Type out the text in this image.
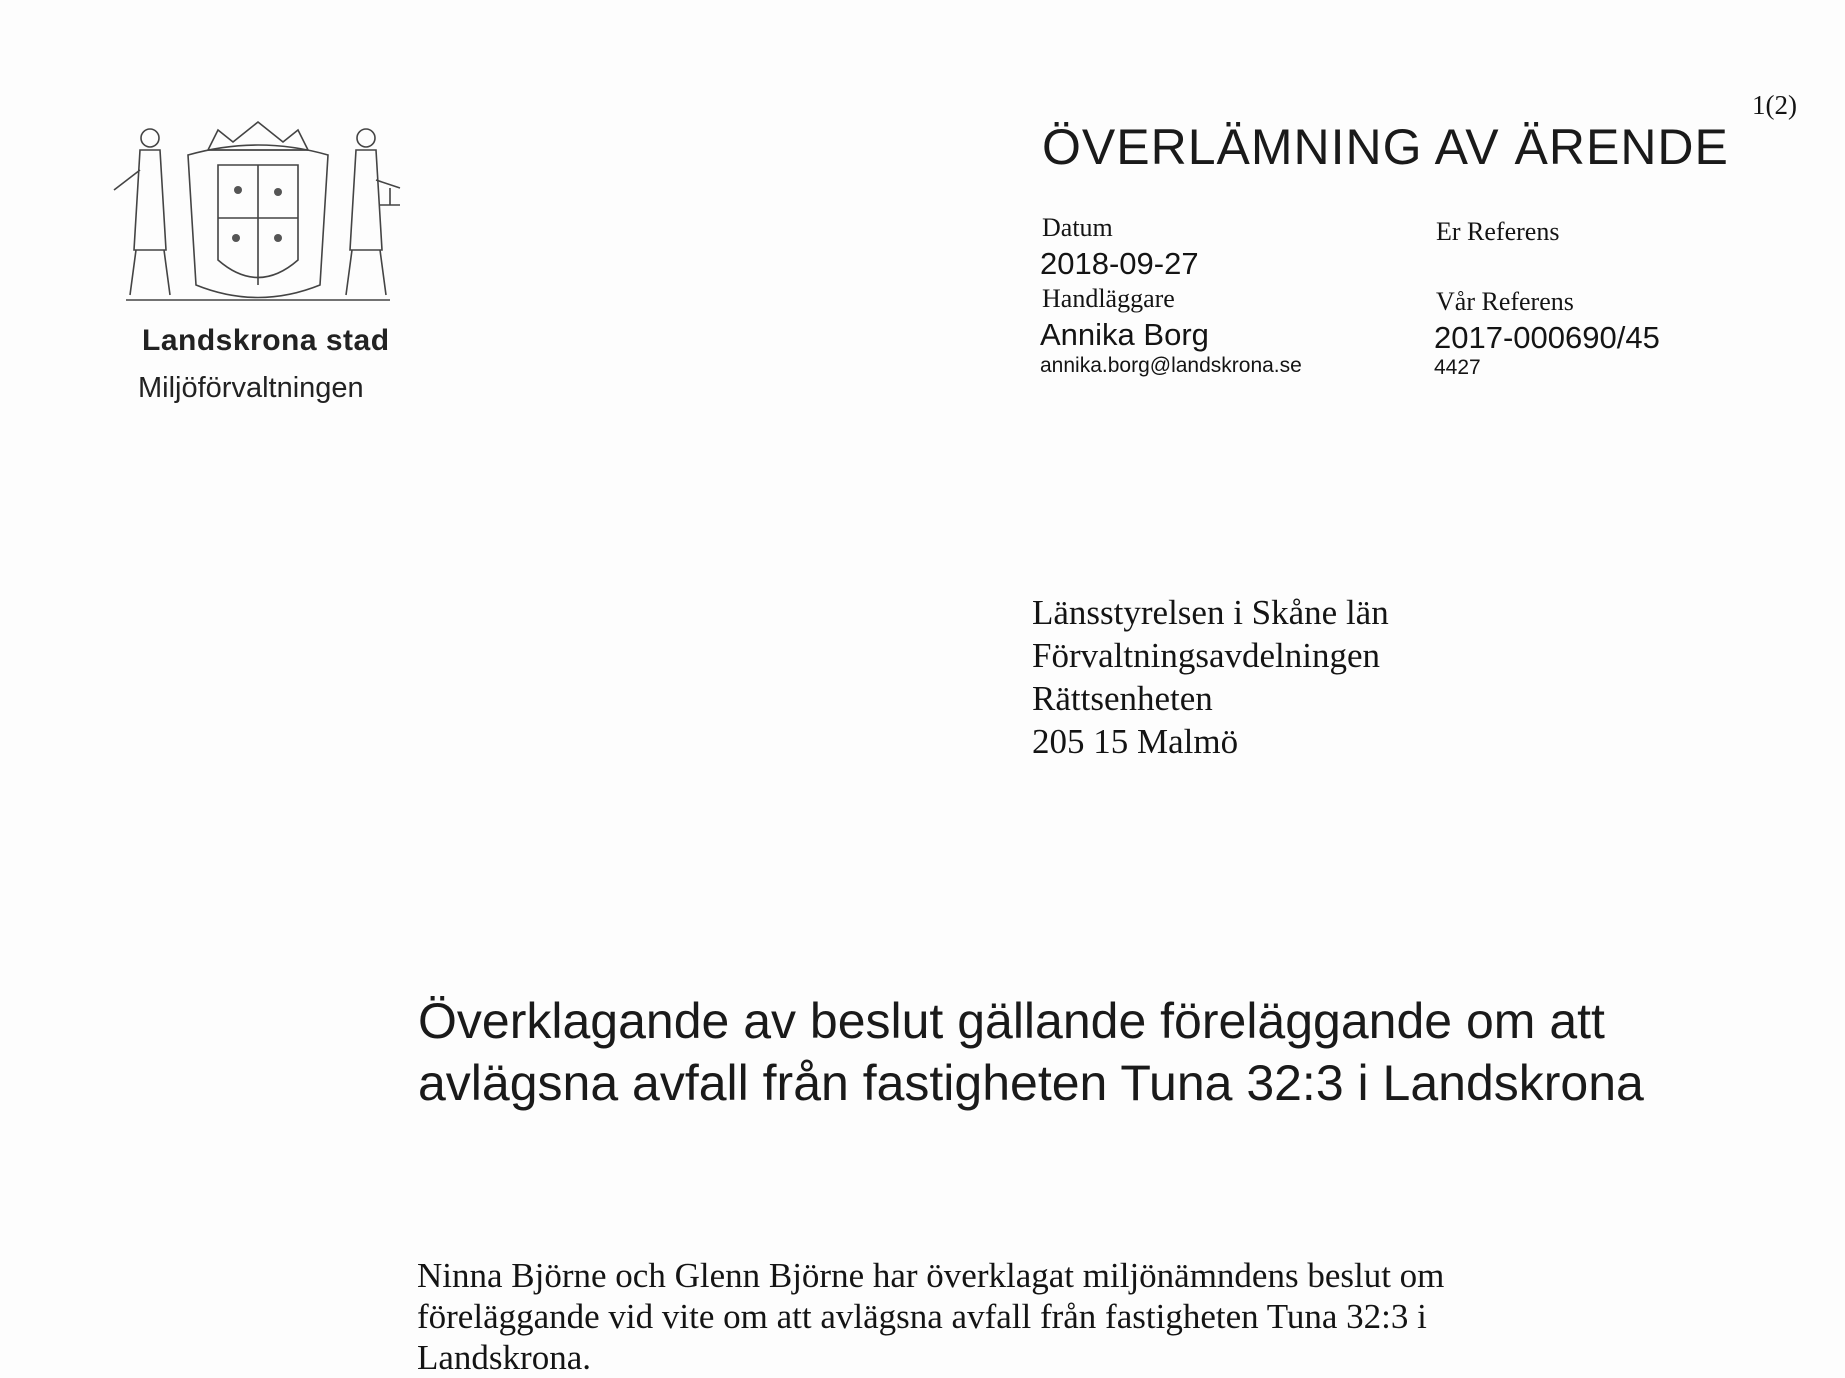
1(2)
Landskrona stad
Miljöförvaltningen
ÖVERLÄMNING AV ÄRENDE
Datum
2018-09-27
Handläggare
Annika Borg
annika.borg@landskrona.se
Er Referens
Vår Referens
2017-000690/45
4427
Länsstyrelsen i Skåne län
Förvaltningsavdelningen
Rättsenheten
205 15 Malmö
Överklagande av beslut gällande föreläggande om att avlägsna avfall från fastigheten Tuna 32:3 i Landskrona
Ninna Björne och Glenn Björne har överklagat miljönämndens beslut om föreläggande vid vite om att avlägsna avfall från fastigheten Tuna 32:3 i Landskrona.
